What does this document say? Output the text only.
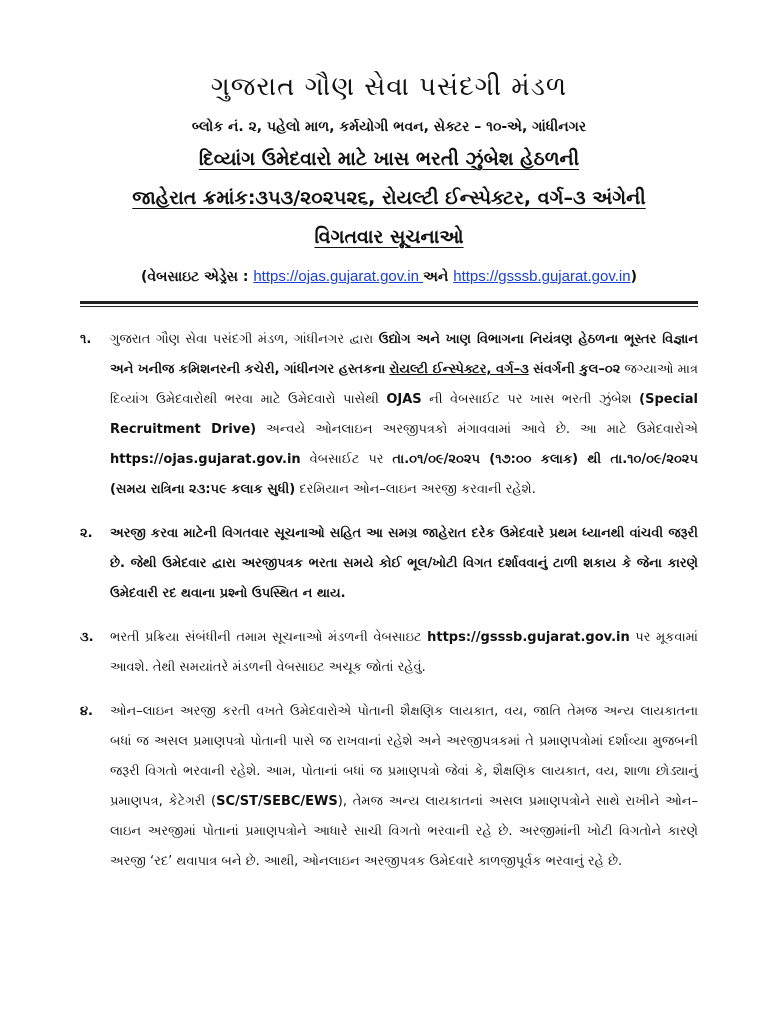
ગુજરાત ગૌણ સેવા પસંદગી મંડળ
બ્લોક નં. ૨, પહેલો માળ, કર્મયોગી ભવન, સેક્ટર – ૧૦-એ, ગાંધીનગર
દિવ્યાંગ ઉમેદવારો માટે ખાસ ભરતી ઝુંબેશ હેઠળની
જાહેરાત ક્રમાંક:૩૫૩/૨૦૨૫૨૬, રોયલ્ટી ઈન્સ્પેક્ટર, વર્ગ–૩ અંગેની
વિગતવાર સૂચનાઓ
(વેબસાઇટ એડ્રેસ : https://ojas.gujarat.gov.in અને https://gsssb.gujarat.gov.in)
૧.	ગુજરાત ગૌણ સેવા પસંદગી મંડળ, ગાંધીનગર દ્વારા ઉદ્યોગ અને ખાણ વિભાગના નિયંત્રણ હેઠળના ભૂસ્તર વિજ્ઞાન અને ખનીજ કમિશનરની કચેરી, ગાંધીનગર હસ્તકના રોયલ્ટી ઈન્સ્પેક્ટર, વર્ગ–૩ સંવર્ગની કુલ–૦૨ જગ્યાઓ માત્ર દિવ્યાંગ ઉમેદવારોથી ભરવા માટે ઉમેદવારો પાસેથી OJAS ની વેબસાઈટ પર ખાસ ભરતી ઝુંબેશ (Special Recruitment Drive) અન્વયે ઓનલાઇન અરજીપત્રકો મંગાવવામાં આવે છે. આ માટે ઉમેદવારોએ https://ojas.gujarat.gov.in વેબસાઈટ પર તા.૦૧/૦૯/૨૦૨૫ (૧૭:૦૦ કલાક) થી તા.૧૦/૦૯/૨૦૨૫ (સમય રાત્રિના ૨૩:૫૯ કલાક સુધી) દરમિયાન ઓન–લાઇન અરજી કરવાની રહેશે.
૨.	અરજી કરવા માટેની વિગતવાર સૂચનાઓ સહિત આ સમગ્ર જાહેરાત દરેક ઉમેદવારે પ્રથમ ધ્યાનથી વાંચવી જરૂરી છે. જેથી ઉમેદવાર દ્વારા અરજીપત્રક ભરતા સમયે કોઈ ભૂલ/ખોટી વિગત દર્શાવવાનું ટાળી શકાય કે જેના કારણે ઉમેદવારી રદ થવાના પ્રશ્નો ઉપસ્થિત ન થાય.
૩.	ભરતી પ્રક્રિયા સંબંધીની તમામ સૂચનાઓ મંડળની વેબસાઇટ https://gsssb.gujarat.gov.in પર મૂકવામાં આવશે. તેથી સમયાંતરે મંડળની વેબસાઇટ અચૂક જોતાં રહેવું.
૪.	ઓન–લાઇન અરજી કરતી વખતે ઉમેદવારોએ પોતાની શૈક્ષણિક લાયકાત, વય, જાતિ તેમજ અન્ય લાયકાતના બધાં જ અસલ પ્રમાણપત્રો પોતાની પાસે જ રાખવાનાં રહેશે અને અરજીપત્રકમાં તે પ્રમાણપત્રોમાં દર્શાવ્યા મુજબની જરૂરી વિગતો ભરવાની રહેશે. આમ, પોતાનાં બધાં જ પ્રમાણપત્રો જેવાં કે, શૈક્ષણિક લાયકાત, વય, શાળા છોડ્યાનું પ્રમાણપત્ર, કેટેગરી (SC/ST/SEBC/EWS), તેમજ અન્ય લાયકાતનાં અસલ પ્રમાણપત્રોને સાથે રાખીને ઓન–લાઇન અરજીમાં પોતાનાં પ્રમાણપત્રોને આધારે સાચી વિગતો ભરવાની રહે છે. અરજીમાંની ખોટી વિગતોને કારણે અરજી ‘રદ’ થવાપાત્ર બને છે. આથી, ઓનલાઇન અરજીપત્રક ઉમેદવારે કાળજીપૂર્વક ભરવાનું રહે છે.
